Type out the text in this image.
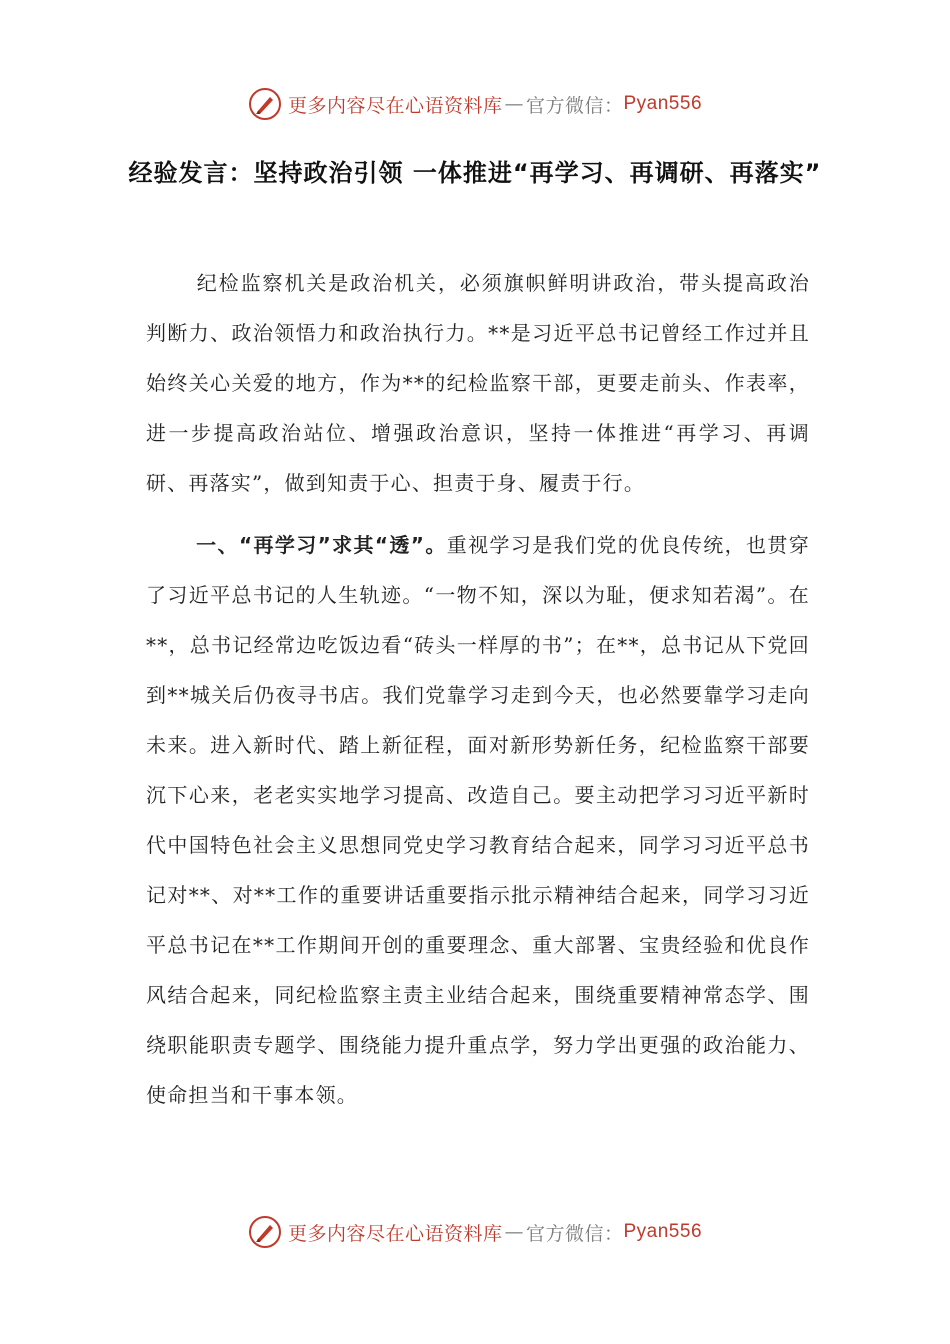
更多内容尽在心语资料库 — 官方微信： Pyan556
经验发言：坚持政治引领 一体推进“再学习、再调研、再落实”
纪检监察机关是政治机关，必须旗帜鲜明讲政治，带头提高政治判断力、政治领悟力和政治执行力。**是习近平总书记曾经工作过并且始终关心关爱的地方，作为**的纪检监察干部，更要走前头、作表率，进一步提高政治站位、增强政治意识，坚持一体推进“再学习、再调研、再落实”，做到知责于心、担责于身、履责于行。
一、“再学习”求其“透”。重视学习是我们党的优良传统，也贯穿了习近平总书记的人生轨迹。“一物不知，深以为耻，便求知若渴”。在**，总书记经常边吃饭边看“砖头一样厚的书”；在**，总书记从下党回到**城关后仍夜寻书店。我们党靠学习走到今天，也必然要靠学习走向未来。进入新时代、踏上新征程，面对新形势新任务，纪检监察干部要沉下心来，老老实实地学习提高、改造自己。要主动把学习习近平新时代中国特色社会主义思想同党史学习教育结合起来，同学习习近平总书记对**、对**工作的重要讲话重要指示批示精神结合起来，同学习习近平总书记在**工作期间开创的重要理念、重大部署、宝贵经验和优良作风结合起来，同纪检监察主责主业结合起来，围绕重要精神常态学、围绕职能职责专题学、围绕能力提升重点学，努力学出更强的政治能力、使命担当和干事本领。
更多内容尽在心语资料库 — 官方微信： Pyan556
